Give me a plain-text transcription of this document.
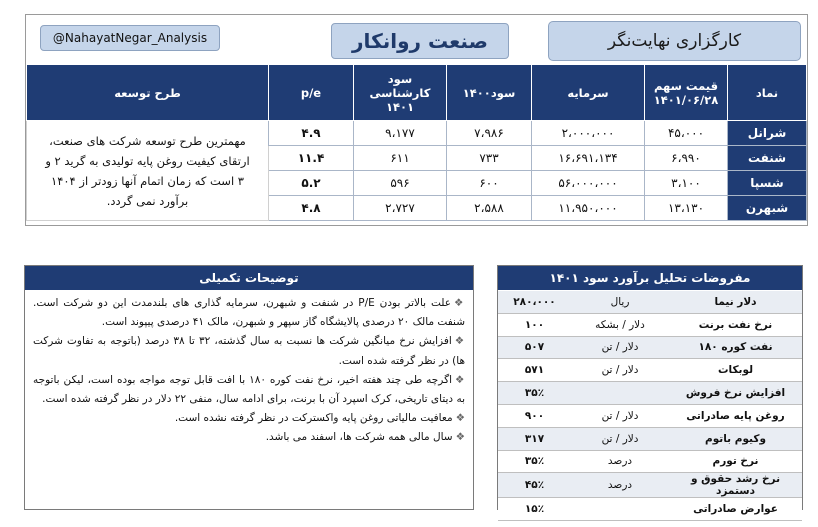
کارگزاری نهایت‌نگر
صنعت روانکار
@NahayatNegar_Analysis
نماد	قیمت سهم ۱۴۰۱/۰۶/۲۸	سرمایه	سود۱۴۰۰	سود کارشناسی ۱۴۰۱	p/e	طرح توسعه
شرانل	۴۵،۰۰۰	۲،۰۰۰،۰۰۰	۷،۹۸۶	۹،۱۷۷	۴.۹	مهمترین طرح توسعه شرکت های صنعت، ارتقای کیفیت روغن پایه تولیدی به گرید ۲ و ۳ است که زمان اتمام آنها زودتر از ۱۴۰۴ برآورد نمی گردد.
شنفت	۶،۹۹۰	۱۶،۶۹۱،۱۳۴	۷۳۳	۶۱۱	۱۱.۴	
شسپا	۳،۱۰۰	۵۶،۰۰۰،۰۰۰	۶۰۰	۵۹۶	۵.۲	
شبهرن	۱۳،۱۳۰	۱۱،۹۵۰،۰۰۰	۲،۵۸۸	۲،۷۲۷	۴.۸	
توضیحات تکمیلی

❖علت بالاتر بودن P/E در شنفت و شبهرن، سرمایه گذاری های بلندمدت این دو شرکت است. شنفت مالک ۲۰ درصدی پالایشگاه گاز سپهر و شبهرن، مالک ۴۱ درصدی پیپوند است.

❖افزایش نرخ میانگین شرکت ها نسبت به سال گذشته، ۳۲ تا ۳۸ درصد (باتوجه به تفاوت شرکت ها) در نظر گرفته شده است.

❖اگرچه طی چند هفته اخیر، نرخ نفت کوره ۱۸۰ با افت قابل توجه مواجه بوده است، لیکن باتوجه به دیتای تاریخی، کرک اسپرد آن با برنت، برای ادامه سال، منفی ۲۲ دلار در نظر گرفته شده است.

❖معافیت مالیاتی روغن پایه واکسترکت در نظر گرفته نشده است.

❖سال مالی همه شرکت ها، اسفند می باشد.

مفروضات تحلیل برآورد سود ۱۴۰۱
دلار نیما	ریال	۲۸۰،۰۰۰
نرخ نفت برنت	دلار / بشکه	۱۰۰
نفت کوره ۱۸۰	دلار / تن	۵۰۷
لوبکات	دلار / تن	۵۷۱
افزایش نرخ فروش		۳۵٪
روغن پایه صادراتی	دلار / تن	۹۰۰
وکیوم باتوم	دلار / تن	۳۱۷
نرخ تورم	درصد	۳۵٪
نرخ رشد حقوق و دستمزد	درصد	۴۵٪
عوارض صادراتی		۱۵٪
